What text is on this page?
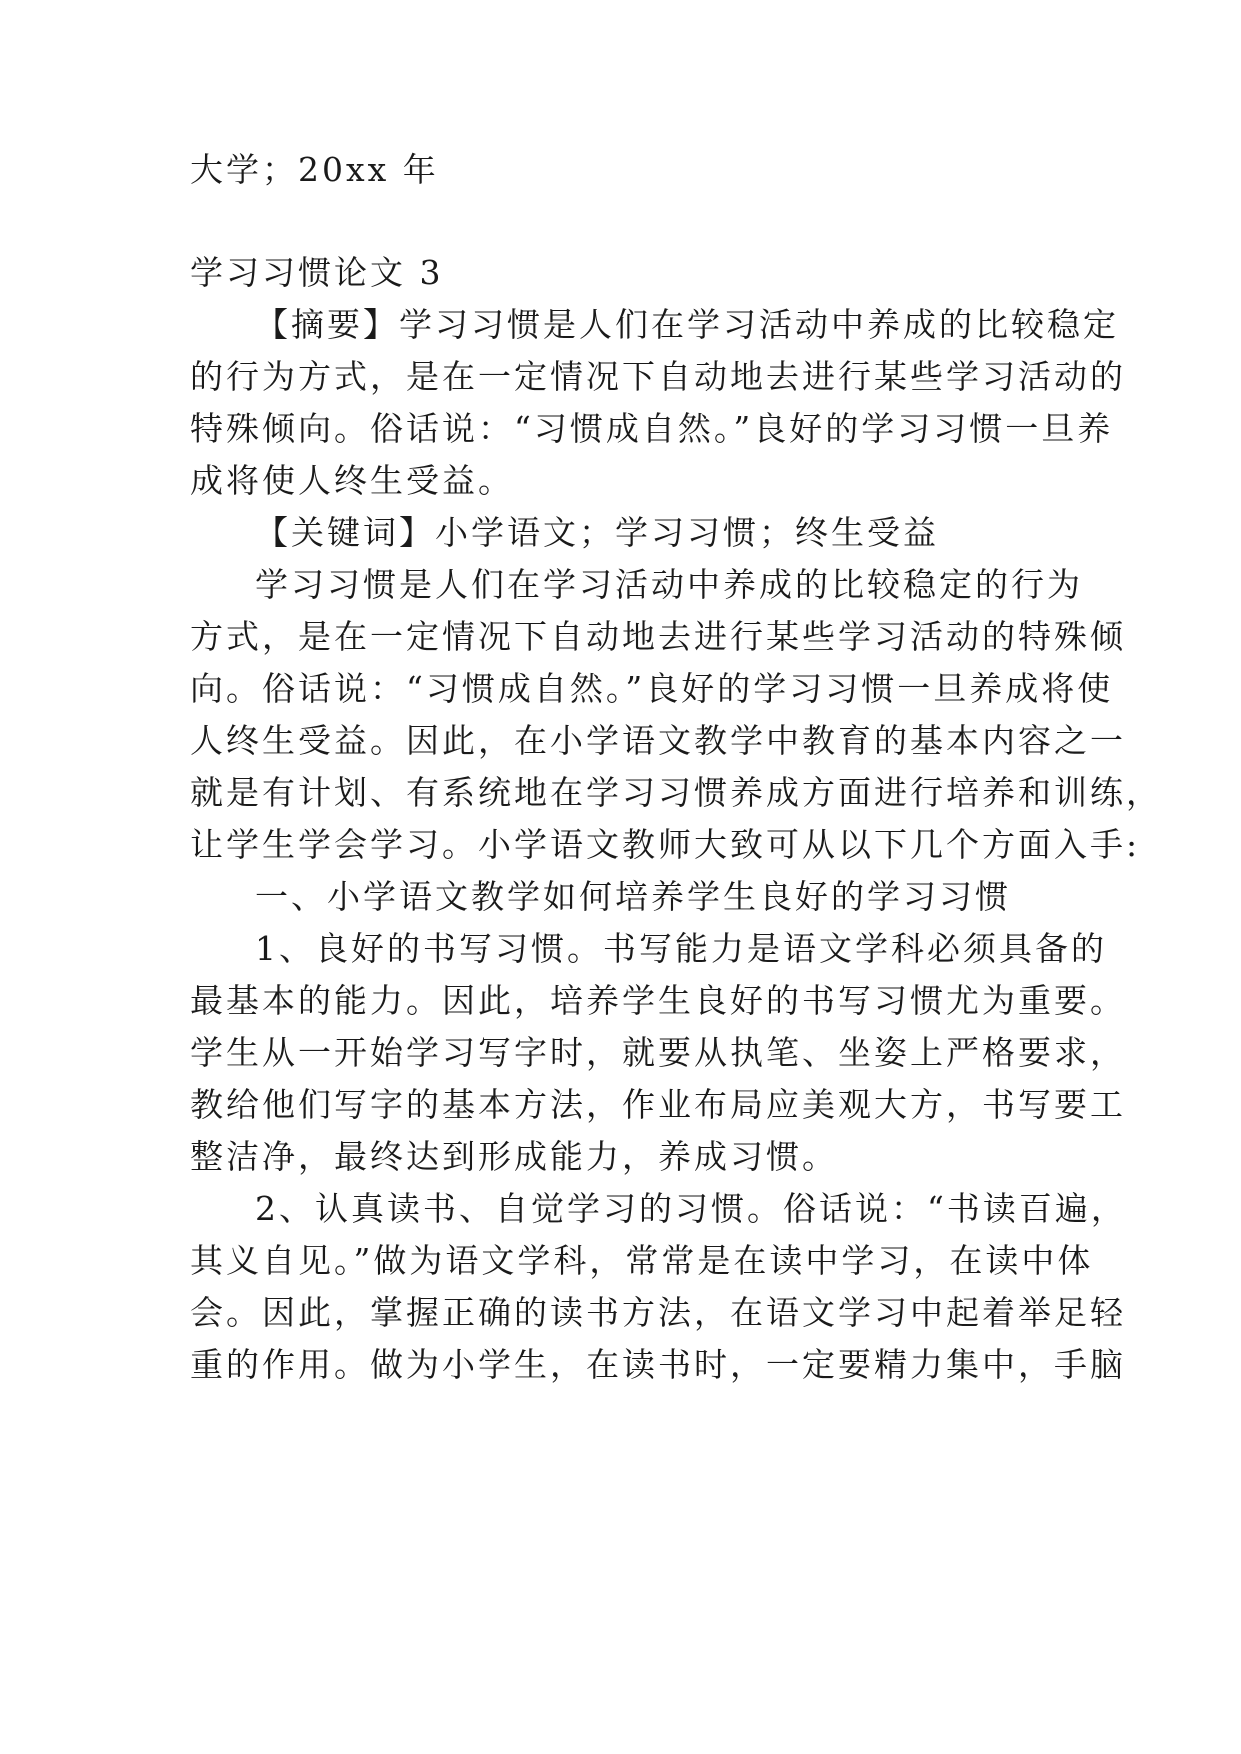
大学；20xx 年
学习习惯论文 3
【摘要】学习习惯是人们在学习活动中养成的比较稳定
的行为方式，是在一定情况下自动地去进行某些学习活动的
特殊倾向。俗话说：“习惯成自然。”良好的学习习惯一旦养
成将使人终生受益。
【关键词】小学语文；学习习惯；终生受益
学习习惯是人们在学习活动中养成的比较稳定的行为
方式，是在一定情况下自动地去进行某些学习活动的特殊倾
向。俗话说：“习惯成自然。”良好的学习习惯一旦养成将使
人终生受益。因此，在小学语文教学中教育的基本内容之一
就是有计划、有系统地在学习习惯养成方面进行培养和训练，
让学生学会学习。小学语文教师大致可从以下几个方面入手:
一、小学语文教学如何培养学生良好的学习习惯
1、良好的书写习惯。书写能力是语文学科必须具备的
最基本的能力。因此，培养学生良好的书写习惯尤为重要。
学生从一开始学习写字时，就要从执笔、坐姿上严格要求，
教给他们写字的基本方法，作业布局应美观大方，书写要工
整洁净，最终达到形成能力，养成习惯。
2、认真读书、自觉学习的习惯。俗话说：“书读百遍，
其义自见。”做为语文学科，常常是在读中学习，在读中体
会。因此，掌握正确的读书方法，在语文学习中起着举足轻
重的作用。做为小学生，在读书时，一定要精力集中，手脑
